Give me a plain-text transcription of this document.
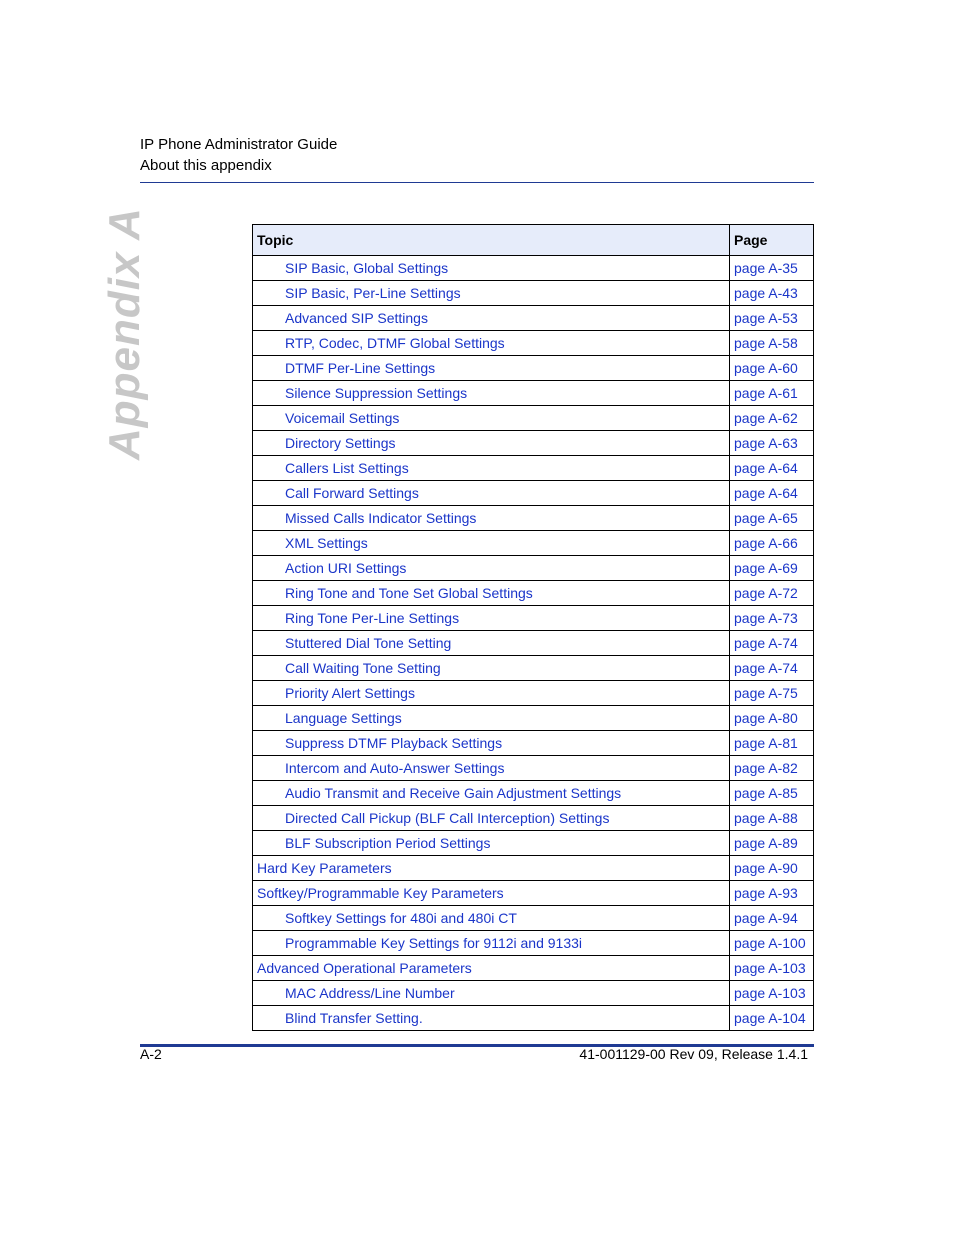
IP Phone Administrator Guide
About this appendix
Appendix A	Topic	Page
SIP Basic, Global Settings	page A-35
SIP Basic, Per-Line Settings	page A-43
Advanced SIP Settings	page A-53
RTP, Codec, DTMF Global Settings	page A-58
DTMF Per-Line Settings	page A-60
Silence Suppression Settings	page A-61
Voicemail Settings	page A-62
Directory Settings	page A-63
Callers List Settings	page A-64
Call Forward Settings	page A-64
Missed Calls Indicator Settings	page A-65
XML Settings	page A-66
Action URI Settings	page A-69
Ring Tone and Tone Set Global Settings	page A-72
Ring Tone Per-Line Settings	page A-73
Stuttered Dial Tone Setting	page A-74
Call Waiting Tone Setting	page A-74
Priority Alert Settings	page A-75
Language Settings	page A-80
Suppress DTMF Playback Settings	page A-81
Intercom and Auto-Answer Settings	page A-82
Audio Transmit and Receive Gain Adjustment Settings	page A-85
Directed Call Pickup (BLF Call Interception) Settings	page A-88
BLF Subscription Period Settings	page A-89
Hard Key Parameters	page A-90
Softkey/Programmable Key Parameters	page A-93
Softkey Settings for 480i and 480i CT	page A-94
Programmable Key Settings for 9112i and 9133i	page A-100
Advanced Operational Parameters	page A-103
MAC Address/Line Number	page A-103
Blind Transfer Setting.	page A-104
A-2	41-001129-00 Rev 09, Release 1.4.1
